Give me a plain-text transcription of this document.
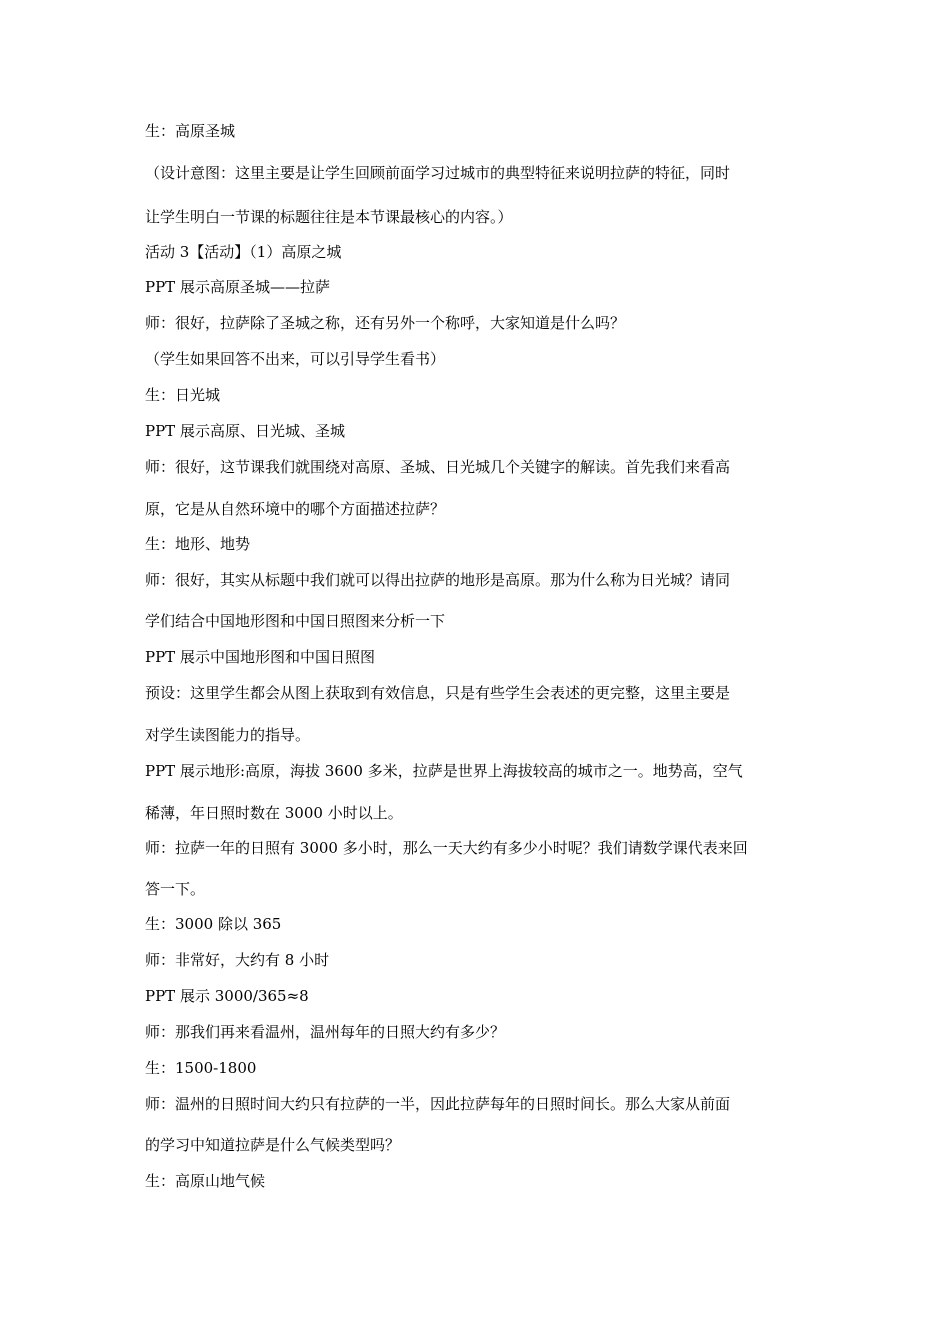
生：高原圣城
（设计意图：这里主要是让学生回顾前面学习过城市的典型特征来说明拉萨的特征，同时
让学生明白一节课的标题往往是本节课最核心的内容。）
活动 3【活动】（1）高原之城
PPT 展示高原圣城——拉萨
师：很好，拉萨除了圣城之称，还有另外一个称呼，大家知道是什么吗？
（学生如果回答不出来，可以引导学生看书）
生：日光城
PPT 展示高原、日光城、圣城
师：很好，这节课我们就围绕对高原、圣城、日光城几个关键字的解读。首先我们来看高
原，它是从自然环境中的哪个方面描述拉萨？
生：地形、地势
师：很好，其实从标题中我们就可以得出拉萨的地形是高原。那为什么称为日光城？请同
学们结合中国地形图和中国日照图来分析一下
PPT 展示中国地形图和中国日照图
预设：这里学生都会从图上获取到有效信息，只是有些学生会表述的更完整，这里主要是
对学生读图能力的指导。
PPT 展示地形:高原，海拔 3600 多米，拉萨是世界上海拔较高的城市之一。地势高，空气
稀薄，年日照时数在 3000 小时以上。
师：拉萨一年的日照有 3000 多小时，那么一天大约有多少小时呢？我们请数学课代表来回
答一下。
生：3000 除以 365
师：非常好，大约有 8 小时
PPT 展示 3000/365≈8
师：那我们再来看温州，温州每年的日照大约有多少？
生：1500-1800
师：温州的日照时间大约只有拉萨的一半，因此拉萨每年的日照时间长。那么大家从前面
的学习中知道拉萨是什么气候类型吗？
生：高原山地气候
